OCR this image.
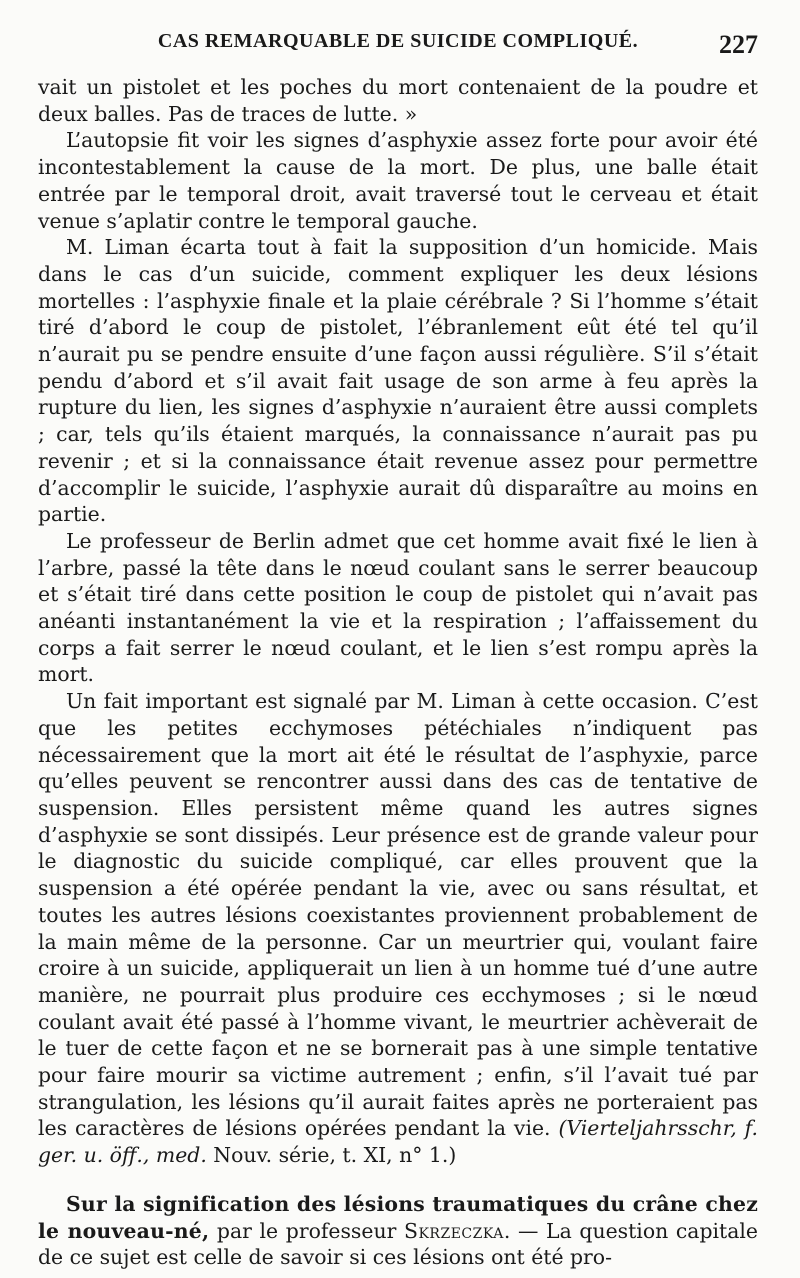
CAS REMARQUABLE DE SUICIDE COMPLIQUÉ.	227

vait un pistolet et les poches du mort contenaient de la poudre et deux balles. Pas de traces de lutte. »

L’autopsie fit voir les signes d’asphyxie assez forte pour avoir été incontestablement la cause de la mort. De plus, une balle était entrée par le temporal droit, avait traversé tout le cerveau et était venue s’aplatir contre le temporal gauche.

M. Liman écarta tout à fait la supposition d’un homicide. Mais dans le cas d’un suicide, comment expliquer les deux lésions mortelles : l’asphyxie finale et la plaie cérébrale ? Si l’homme s’était tiré d’abord le coup de pistolet, l’ébranlement eût été tel qu’il n’aurait pu se pendre ensuite d’une façon aussi régulière. S’il s’était pendu d’abord et s’il avait fait usage de son arme à feu après la rupture du lien, les signes d’asphyxie n’auraient être aussi complets ; car, tels qu’ils étaient marqués, la connaissance n’aurait pas pu revenir ; et si la connaissance était revenue assez pour permettre d’accomplir le suicide, l’asphyxie aurait dû disparaître au moins en partie.

Le professeur de Berlin admet que cet homme avait fixé le lien à l’arbre, passé la tête dans le nœud coulant sans le serrer beaucoup et s’était tiré dans cette position le coup de pistolet qui n’avait pas anéanti instantanément la vie et la respiration ; l’affaissement du corps a fait serrer le nœud coulant, et le lien s’est rompu après la mort.

Un fait important est signalé par M. Liman à cette occasion. C’est que les petites ecchymoses pétéchiales n’indiquent pas nécessairement que la mort ait été le résultat de l’asphyxie, parce qu’elles peuvent se rencontrer aussi dans des cas de tentative de suspension. Elles persistent même quand les autres signes d’asphyxie se sont dissipés. Leur présence est de grande valeur pour le diagnostic du suicide compliqué, car elles prouvent que la suspension a été opérée pendant la vie, avec ou sans résultat, et toutes les autres lésions coexistantes proviennent probablement de la main même de la personne. Car un meurtrier qui, voulant faire croire à un suicide, appliquerait un lien à un homme tué d’une autre manière, ne pourrait plus produire ces ecchymoses ; si le nœud coulant avait été passé à l’homme vivant, le meurtrier achèverait de le tuer de cette façon et ne se bornerait pas à une simple tentative pour faire mourir sa victime autrement ; enfin, s’il l’avait tué par strangulation, les lésions qu’il aurait faites après ne porteraient pas les caractères de lésions opérées pendant la vie. (Vierteljahrsschr, f. ger. u. öff., med. Nouv. série, t. XI, n° 1.)

Sur la signification des lésions traumatiques du crâne chez le nouveau-né, par le professeur Skrzeczka. — La question capitale de ce sujet est celle de savoir si ces lésions ont été pro-
